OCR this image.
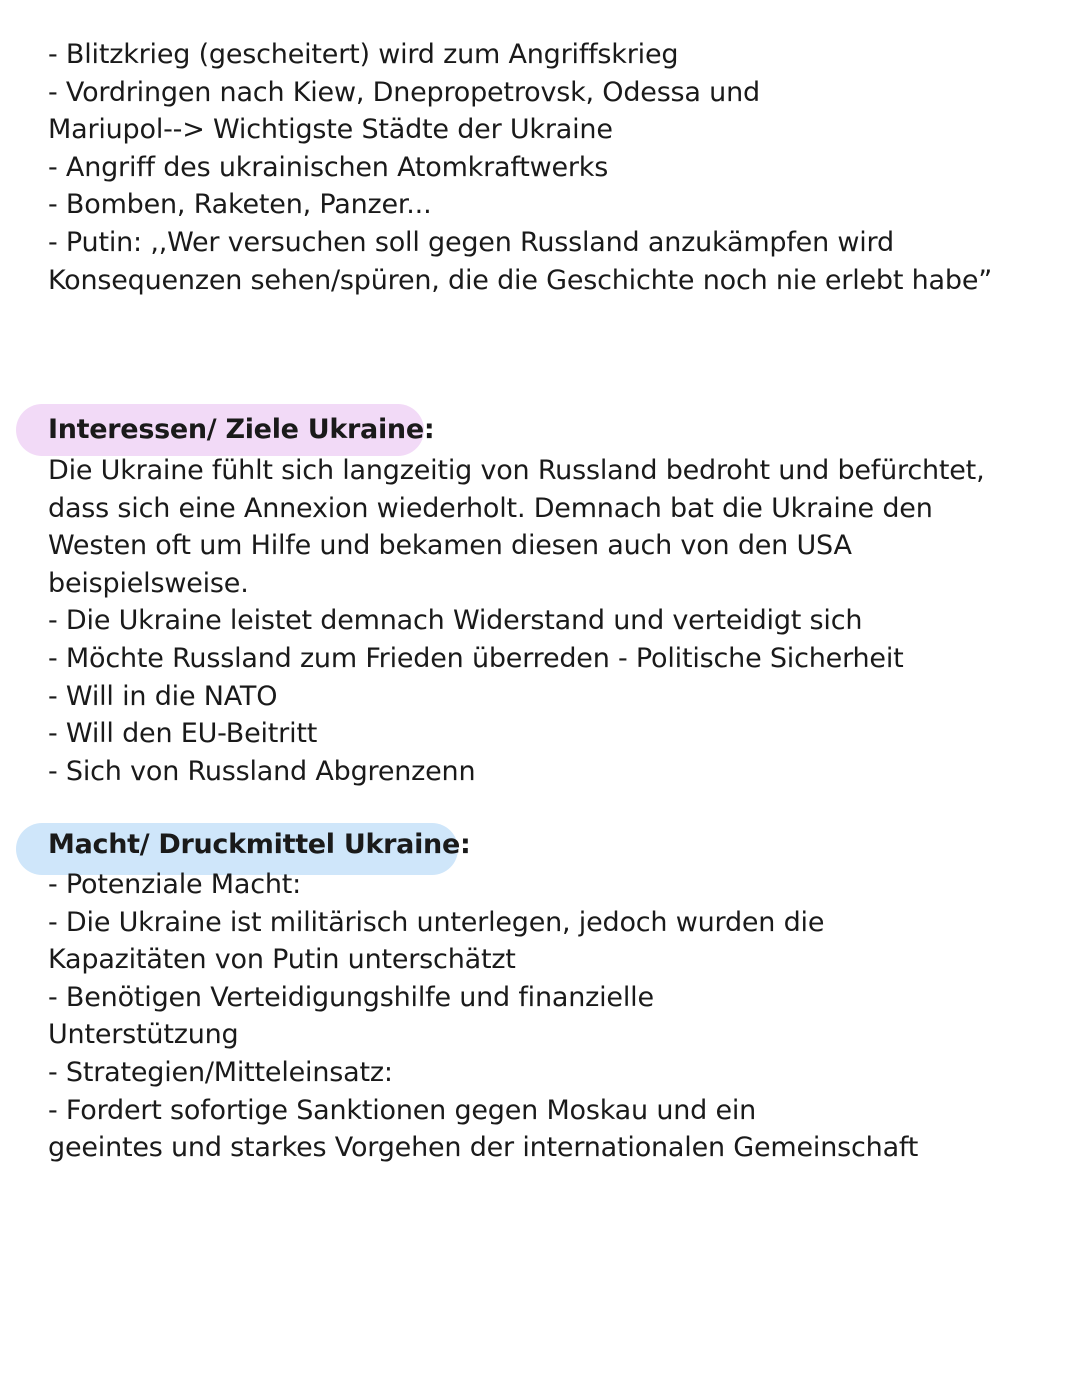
- Blitzkrieg (gescheitert) wird zum Angriffskrieg
- Vordringen nach Kiew, Dnepropetrovsk, Odessa und
Mariupol--> Wichtigste Städte der Ukraine
- Angriff des ukrainischen Atomkraftwerks
- Bomben, Raketen, Panzer...
- Putin: ,,Wer versuchen soll gegen Russland anzukämpfen wird
Konsequenzen sehen/spüren, die die Geschichte noch nie erlebt habe”
Interessen/ Ziele Ukraine:
Die Ukraine fühlt sich langzeitig von Russland bedroht und befürchtet,
dass sich eine Annexion wiederholt. Demnach bat die Ukraine den
Westen oft um Hilfe und bekamen diesen auch von den USA
beispielsweise.
- Die Ukraine leistet demnach Widerstand und verteidigt sich
- Möchte Russland zum Frieden überreden - Politische Sicherheit
- Will in die NATO
- Will den EU-Beitritt
- Sich von Russland Abgrenzenn
Macht/ Druckmittel Ukraine:
- Potenziale Macht:
- Die Ukraine ist militärisch unterlegen, jedoch wurden die
Kapazitäten von Putin unterschätzt
- Benötigen Verteidigungshilfe und finanzielle
Unterstützung
- Strategien/Mitteleinsatz:
- Fordert sofortige Sanktionen gegen Moskau und ein
geeintes und starkes Vorgehen der internationalen Gemeinschaft
